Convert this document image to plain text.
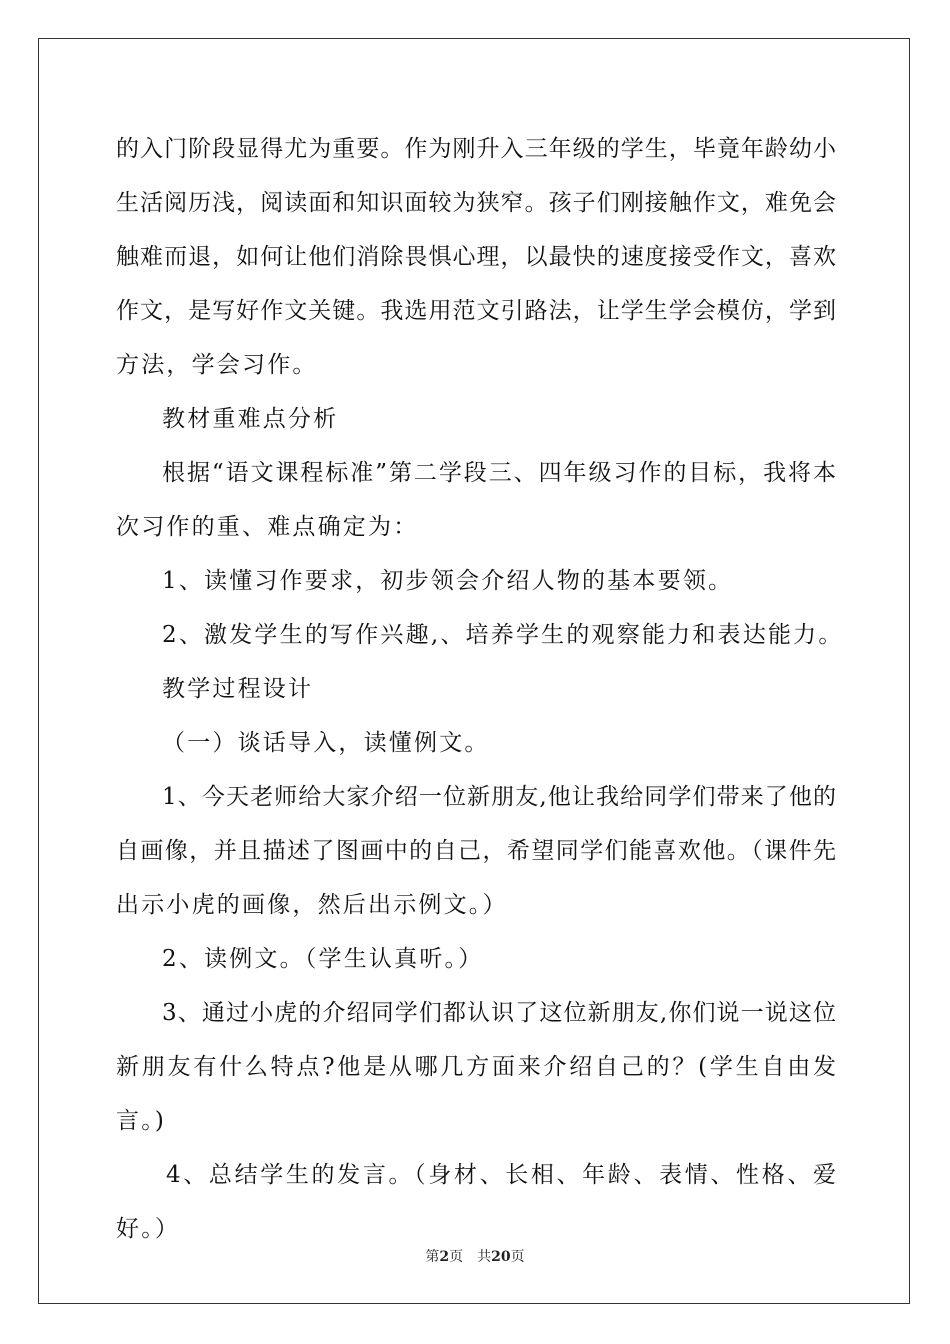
的入门阶段显得尤为重要。作为刚升入三年级的学生，毕竟年龄幼小
生活阅历浅，阅读面和知识面较为狭窄。孩子们刚接触作文，难免会
触难而退，如何让他们消除畏惧心理，以最快的速度接受作文，喜欢
作文，是写好作文关键。我选用范文引路法，让学生学会模仿，学到
方法，学会习作。
教材重难点分析
根据“语文课程标准”第二学段三、四年级习作的目标，我将本
次习作的重、难点确定为：
1、读懂习作要求，初步领会介绍人物的基本要领。
2、激发学生的写作兴趣,、培养学生的观察能力和表达能力。
教学过程设计
（一）谈话导入，读懂例文。
1、今天老师给大家介绍一位新朋友,他让我给同学们带来了他的
自画像，并且描述了图画中的自己，希望同学们能喜欢他。（课件先
出示小虎的画像，然后出示例文。）
2、读例文。（学生认真听。）
3、通过小虎的介绍同学们都认识了这位新朋友,你们说一说这位
新朋友有什么特点?他是从哪几方面来介绍自己的？(学生自由发
言。)
4、总结学生的发言。（身材、长相、年龄、表情、性格、爱
好。）
第2页 共20页
